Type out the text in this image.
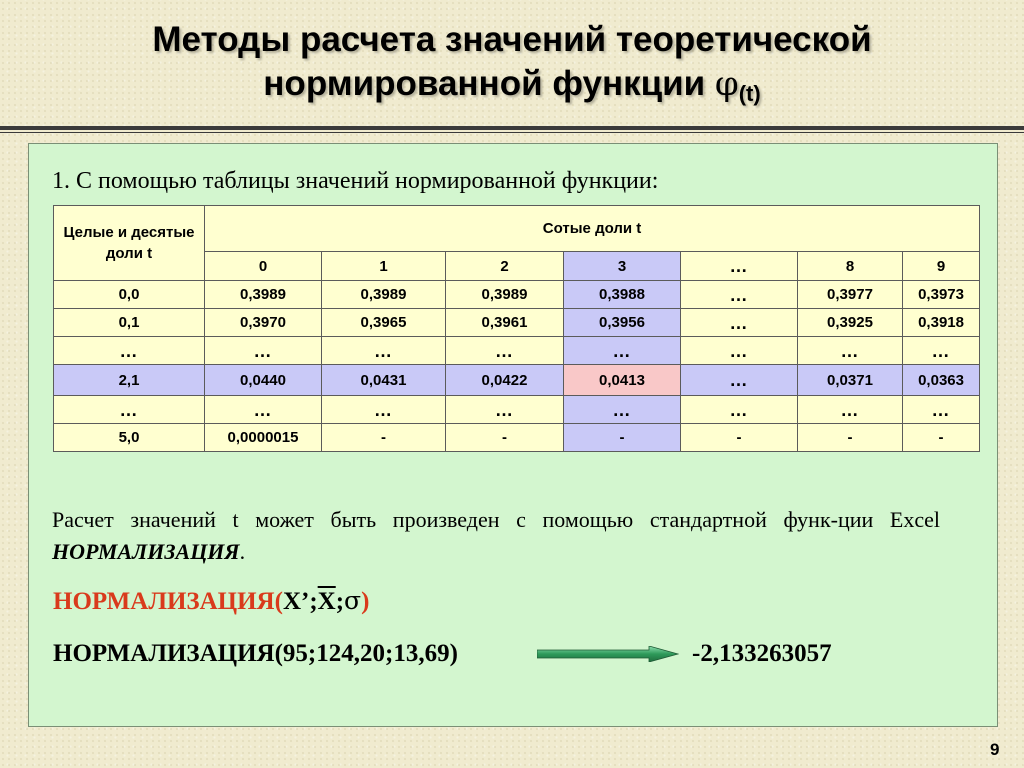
Методы расчета значений теоретической
нормированной функции φ(t)
1. С помощью таблицы значений нормированной функции:
Целые и десятые доли t	Сотые доли t						
	0	1	2	3	…	8	9
0,0	0,3989	0,3989	0,3989	0,3988	…	0,3977	0,3973
0,1	0,3970	0,3965	0,3961	0,3956	…	0,3925	0,3918
…	…	…	…	…	…	…	…
2,1	0,0440	0,0431	0,0422	0,0413	…	0,0371	0,0363
…	…	…	…	…	…	…	…
5,0	0,0000015	-	-	-	-	-	-
Расчет значений t может быть произведен с помощью стандартной функ-ции Excel НОРМАЛИЗАЦИЯ.
$НОРМАЛИЗАЦИЯ(X’;\overline{X};\sigma)$
НОРМАЛИЗАЦИЯ(95;124,20;13,69)	-2,133263057
9
